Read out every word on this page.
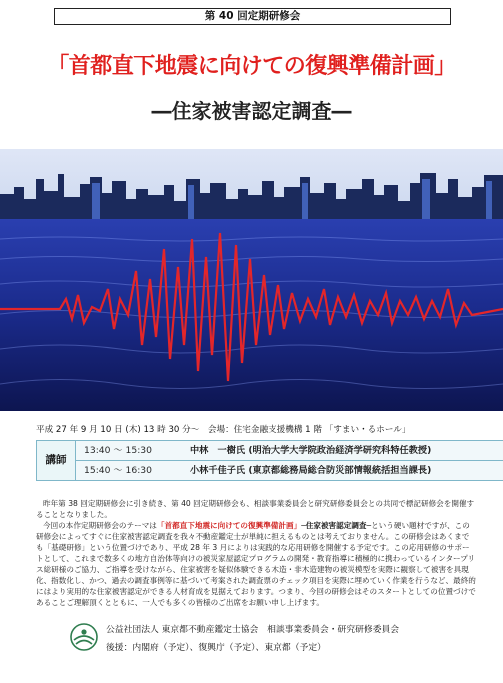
第 40 回定期研修会
「首都直下地震に向けての復興準備計画」
―住家被害認定調査―
平成 27 年 9 月 10 日 (木) 13 時 30 分～　会場：住宅金融支援機構 1 階 「すまい・るホール」
講師
13:40 ～ 15:30	中林　一樹氏 (明治大学大学院政治経済学研究科特任教授)
15:40 ～ 16:30	小林千佳子氏 (東京都総務局総合防災部情報統括担当課長)

昨年第 38 回定期研修会に引き続き、第 40 回定期研修会も、相談事業委員会と研究研修委員会との共同で標記研修会を開催することとなりました。

今回の本作定期研修会のテーマは「首都直下地震に向けての復興準備計画」─住家被害認定調査─という硬い題材ですが、この研修会によってすぐに住家被害認定調査を我々不動産鑑定士が単純に担えるものとは考えておりません。この研修会はあくまでも「基礎研修」という位置づけであり、平成 28 年 3 月によりは実践的な応用研修を開催する予定です。この応用研修のサポートとして、これまで数多くの地方自治体等向けの被災家屋認定プログラムの開発・教育指導に積極的に携わっているインタープリス総研様のご協力、ご指導を受けながら、住家被害を疑似体験できる木造・非木造建物の被災模型を実際に観察して被害を具現化、指数化し、かつ、過去の調査事例等に基づいて考案された調査票のチェック項目を実際に埋めていく作業を行うなど、最終的にはより実用的な住家被害認定ができる人材育成を見据えております。つまり、今回の研修会はそのスタートとしての位置づけであることご理解頂くとともに、一人でも多くの皆様のご出席をお願い申し上げます。

公益社団法人 東京都不動産鑑定士協会　相談事業委員会・研究研修委員会
後援：内閣府（予定）、復興庁（予定）、東京都（予定）
